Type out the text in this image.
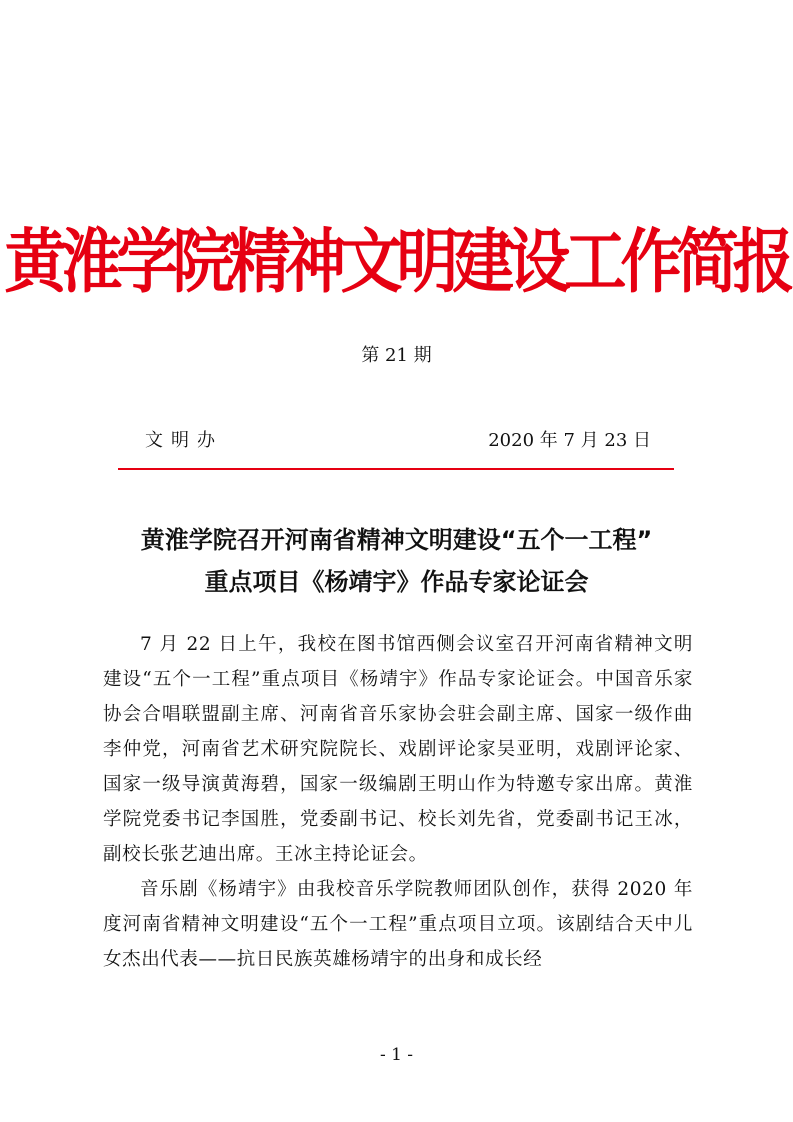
黄淮学院精神文明建设工作简报
第 21 期
文明办	2020 年 7 月 23 日
黄淮学院召开河南省精神文明建设“五个一工程”
重点项目《杨靖宇》作品专家论证会

7 月 22 日上午，我校在图书馆西侧会议室召开河南省精神文明建设“五个一工程”重点项目《杨靖宇》作品专家论证会。中国音乐家协会合唱联盟副主席、河南省音乐家协会驻会副主席、国家一级作曲李仲党，河南省艺术研究院院长、戏剧评论家吴亚明，戏剧评论家、国家一级导演黄海碧，国家一级编剧王明山作为特邀专家出席。黄淮学院党委书记李国胜，党委副书记、校长刘先省，党委副书记王冰，副校长张艺迪出席。王冰主持论证会。

音乐剧《杨靖宇》由我校音乐学院教师团队创作，获得 2020 年度河南省精神文明建设“五个一工程”重点项目立项。该剧结合天中儿女杰出代表——抗日民族英雄杨靖宇的出身和成长经

- 1 -
